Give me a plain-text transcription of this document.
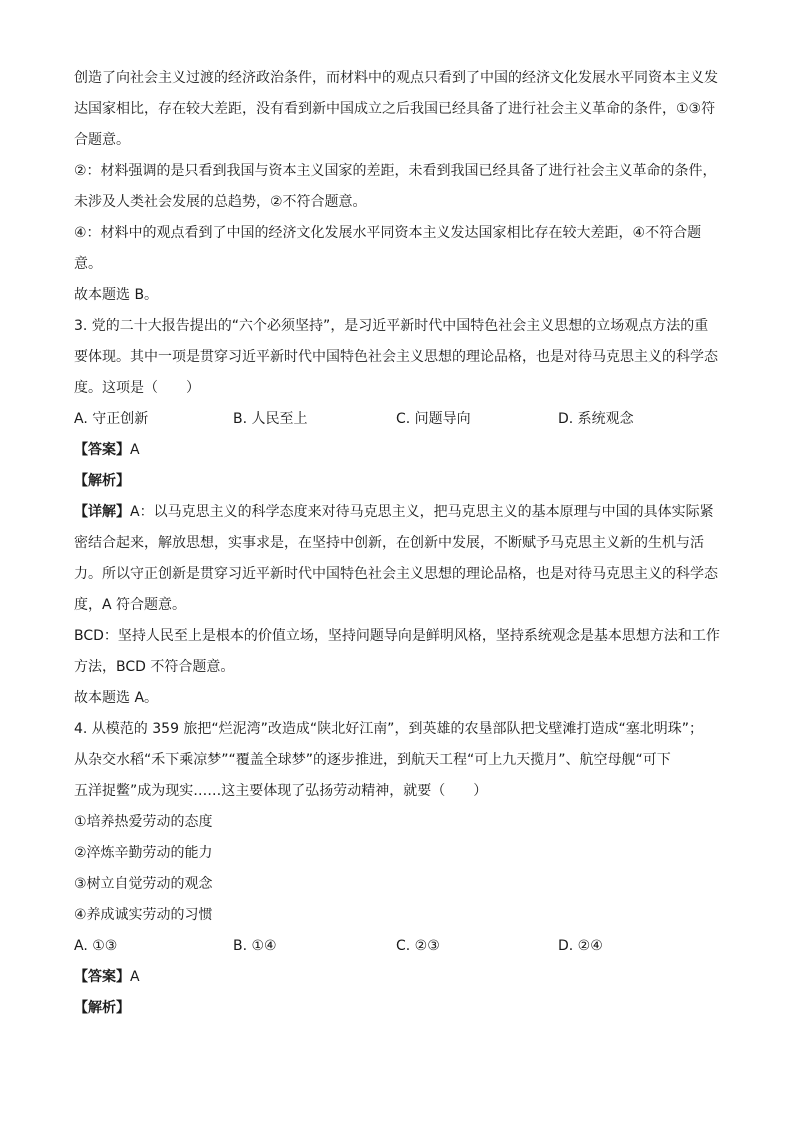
创造了向社会主义过渡的经济政治条件，而材料中的观点只看到了中国的经济文化发展水平同资本主义发
达国家相比，存在较大差距，没有看到新中国成立之后我国已经具备了进行社会主义革命的条件，①③符
合题意。
②：材料强调的是只看到我国与资本主义国家的差距，未看到我国已经具备了进行社会主义革命的条件，
未涉及人类社会发展的总趋势，②不符合题意。
④：材料中的观点看到了中国的经济文化发展水平同资本主义发达国家相比存在较大差距，④不符合题
意。
故本题选 B。
3. 党的二十大报告提出的“六个必须坚持”，是习近平新时代中国特色社会主义思想的立场观点方法的重
要体现。其中一项是贯穿习近平新时代中国特色社会主义思想的理论品格，也是对待马克思主义的科学态
度。这项是（　　）
A. 守正创新	B. 人民至上	C. 问题导向	D. 系统观念
【答案】A
【解析】
【详解】A：以马克思主义的科学态度来对待马克思主义，把马克思主义的基本原理与中国的具体实际紧
密结合起来，解放思想，实事求是，在坚持中创新，在创新中发展，不断赋予马克思主义新的生机与活
力。所以守正创新是贯穿习近平新时代中国特色社会主义思想的理论品格，也是对待马克思主义的科学态
度，A 符合题意。
BCD：坚持人民至上是根本的价值立场，坚持问题导向是鲜明风格，坚持系统观念是基本思想方法和工作
方法，BCD 不符合题意。
故本题选 A。
4. 从模范的 359 旅把“烂泥湾”改造成“陕北好江南”，到英雄的农垦部队把戈壁滩打造成“塞北明珠”；
从杂交水稻“禾下乘凉梦”“覆盖全球梦”的逐步推进，到航天工程“可上九天揽月”、航空母舰“可下
五洋捉鳖”成为现实……这主要体现了弘扬劳动精神，就要（　　）
①培养热爱劳动的态度
②淬炼辛勤劳动的能力
③树立自觉劳动的观念
④养成诚实劳动的习惯
A. ①③	B. ①④	C. ②③	D. ②④
【答案】A
【解析】
